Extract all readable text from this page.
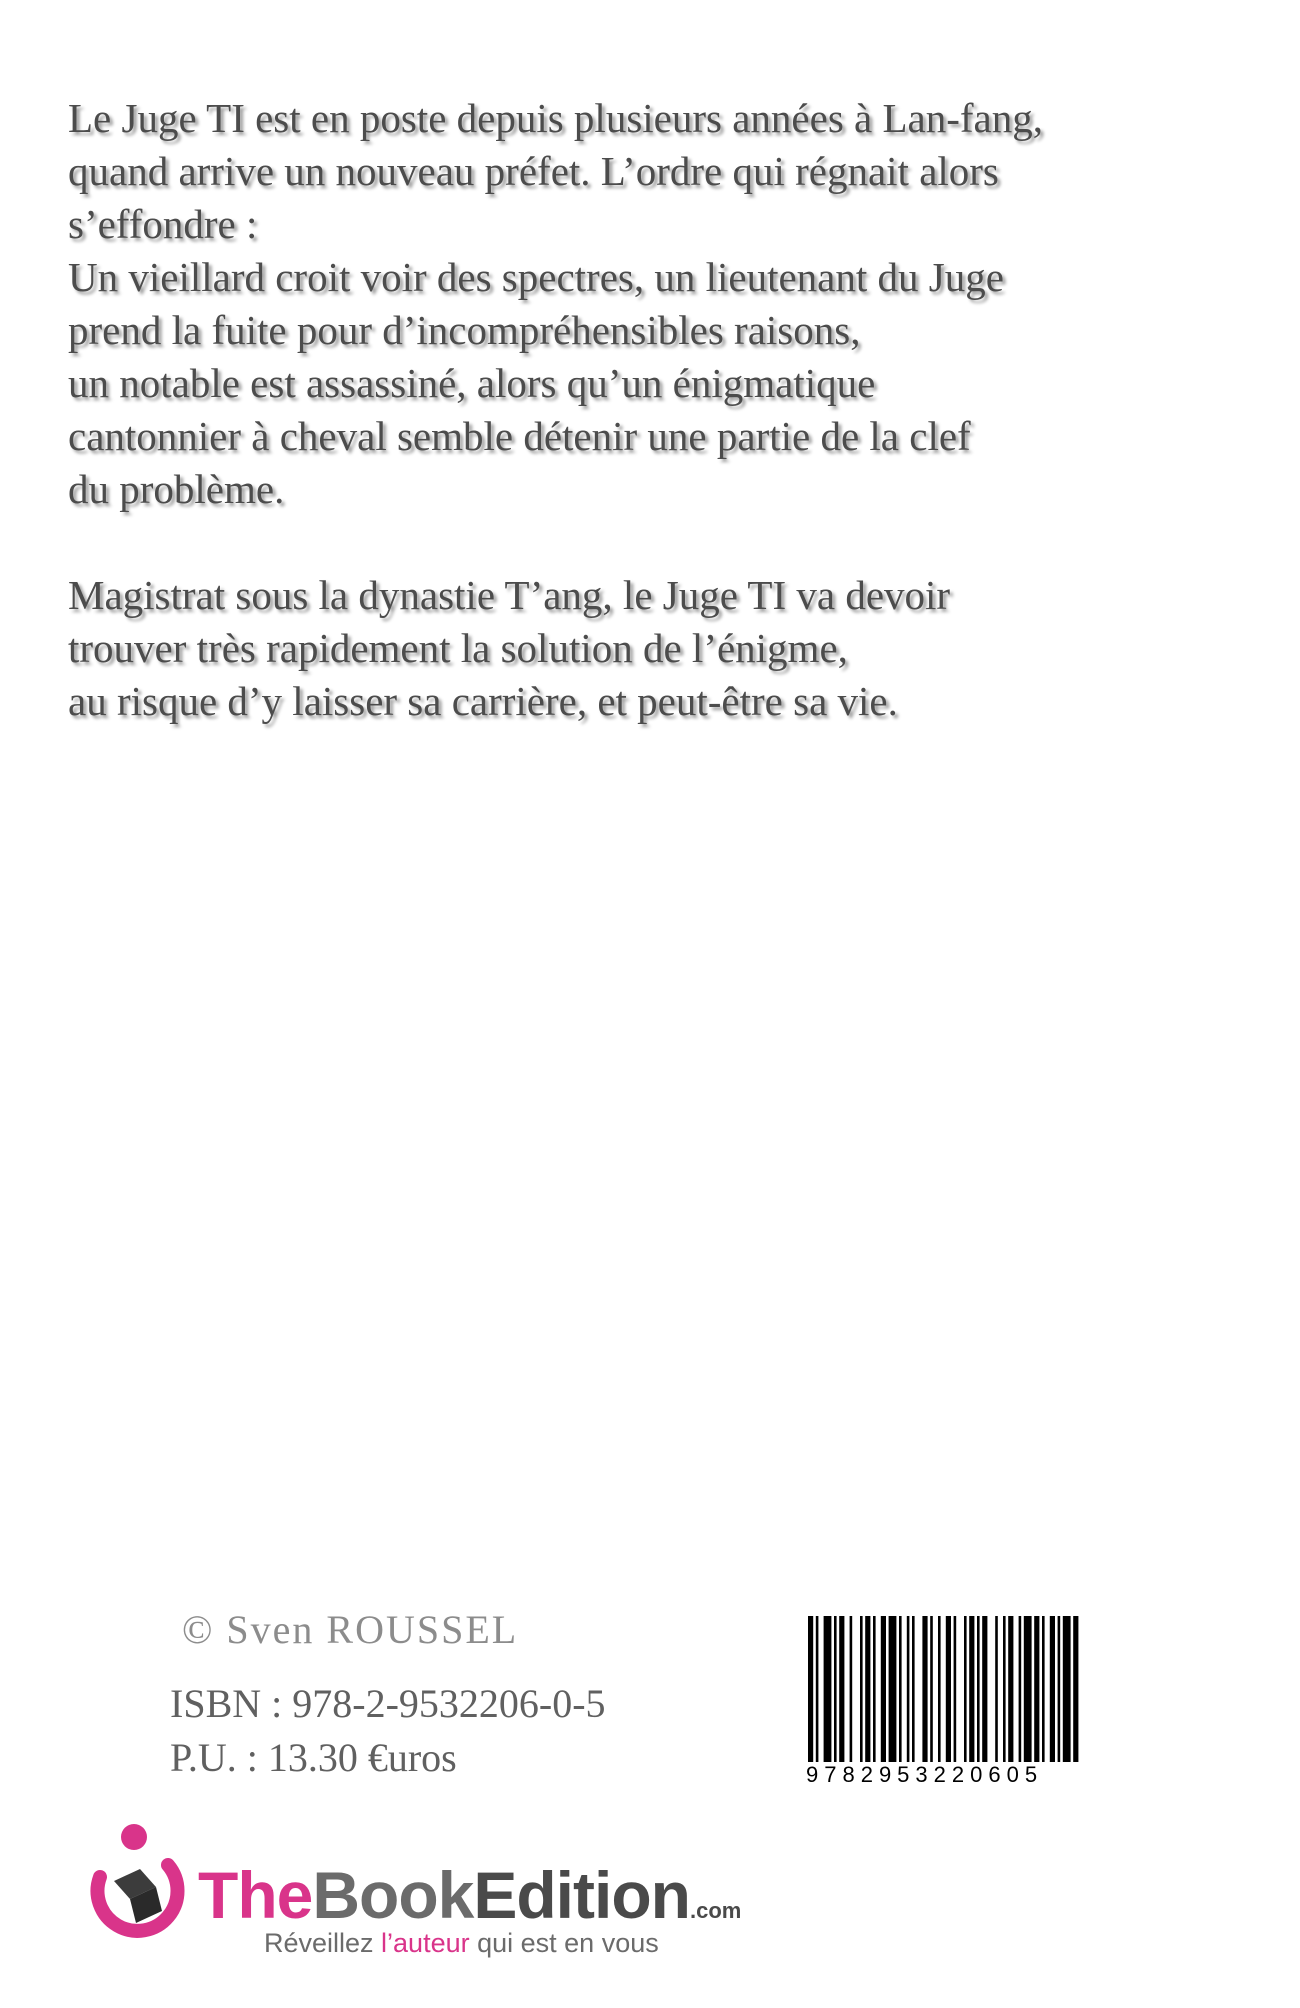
Le Juge TI est en poste depuis plusieurs années à Lan-fang,

quand arrive un nouveau préfet. L’ordre qui régnait alors

s’effondre :

Un vieillard croit voir des spectres, un lieutenant du Juge

prend la fuite pour d’incompréhensibles raisons,

un notable est assassiné, alors qu’un énigmatique

cantonnier à cheval semble détenir une partie de la clef

du problème.

Magistrat sous la dynastie T’ang, le Juge TI va devoir

trouver très rapidement la solution de l’énigme,

au risque d’y laisser sa carrière, et peut-être sa vie.

© Sven ROUSSEL
ISBN : 978-2-9532206-0-5
P.U. : 13.30 €uros	9782953220605
TheBookEdition.com
Réveillez l’auteur qui est en vous
